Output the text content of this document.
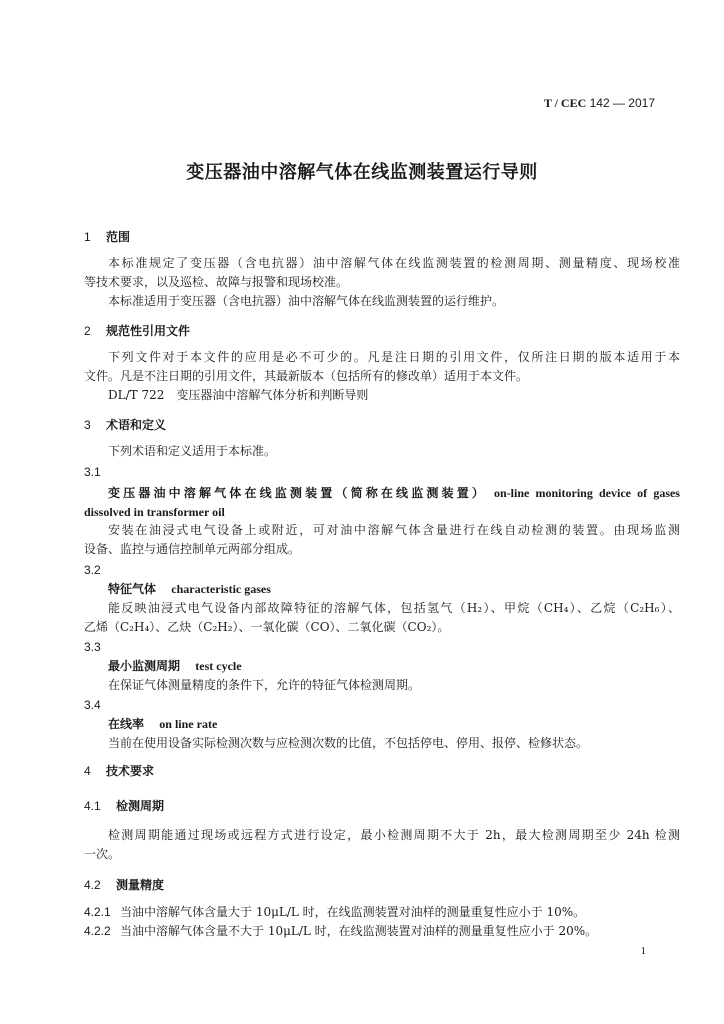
T / CEC 142 — 2017
变压器油中溶解气体在线监测装置运行导则
1 范围
本标准规定了变压器（含电抗器）油中溶解气体在线监测装置的检测周期、测量精度、现场校准
等技术要求，以及巡检、故障与报警和现场校准。
本标准适用于变压器（含电抗器）油中溶解气体在线监测装置的运行维护。
2 规范性引用文件
下列文件对于本文件的应用是必不可少的。凡是注日期的引用文件，仅所注日期的版本适用于本
文件。凡是不注日期的引用文件，其最新版本（包括所有的修改单）适用于本文件。
DL/T 722　变压器油中溶解气体分析和判断导则
3 术语和定义
下列术语和定义适用于本标准。
3.1
变压器油中溶解气体在线监测装置（简称在线监测装置） on-line monitoring device of gases
dissolved in transformer oil
安装在油浸式电气设备上或附近，可对油中溶解气体含量进行在线自动检测的装置。由现场监测
设备、监控与通信控制单元两部分组成。
3.2
特征气体 characteristic gases
能反映油浸式电气设备内部故障特征的溶解气体，包括氢气（H₂）、甲烷（CH₄）、乙烷（C₂H₆）、
乙烯（C₂H₄）、乙炔（C₂H₂）、一氧化碳（CO）、二氧化碳（CO₂）。
3.3
最小监测周期 test cycle
在保证气体测量精度的条件下，允许的特征气体检测周期。
3.4
在线率 on line rate
当前在使用设备实际检测次数与应检测次数的比值，不包括停电、停用、报停、检修状态。
4 技术要求
4.1 检测周期
检测周期能通过现场或远程方式进行设定，最小检测周期不大于 2h，最大检测周期至少 24h 检测
一次。
4.2 测量精度
4.2.1 当油中溶解气体含量大于 10μL/L 时，在线监测装置对油样的测量重复性应小于 10%。
4.2.2 当油中溶解气体含量不大于 10μL/L 时，在线监测装置对油样的测量重复性应小于 20%。
1
